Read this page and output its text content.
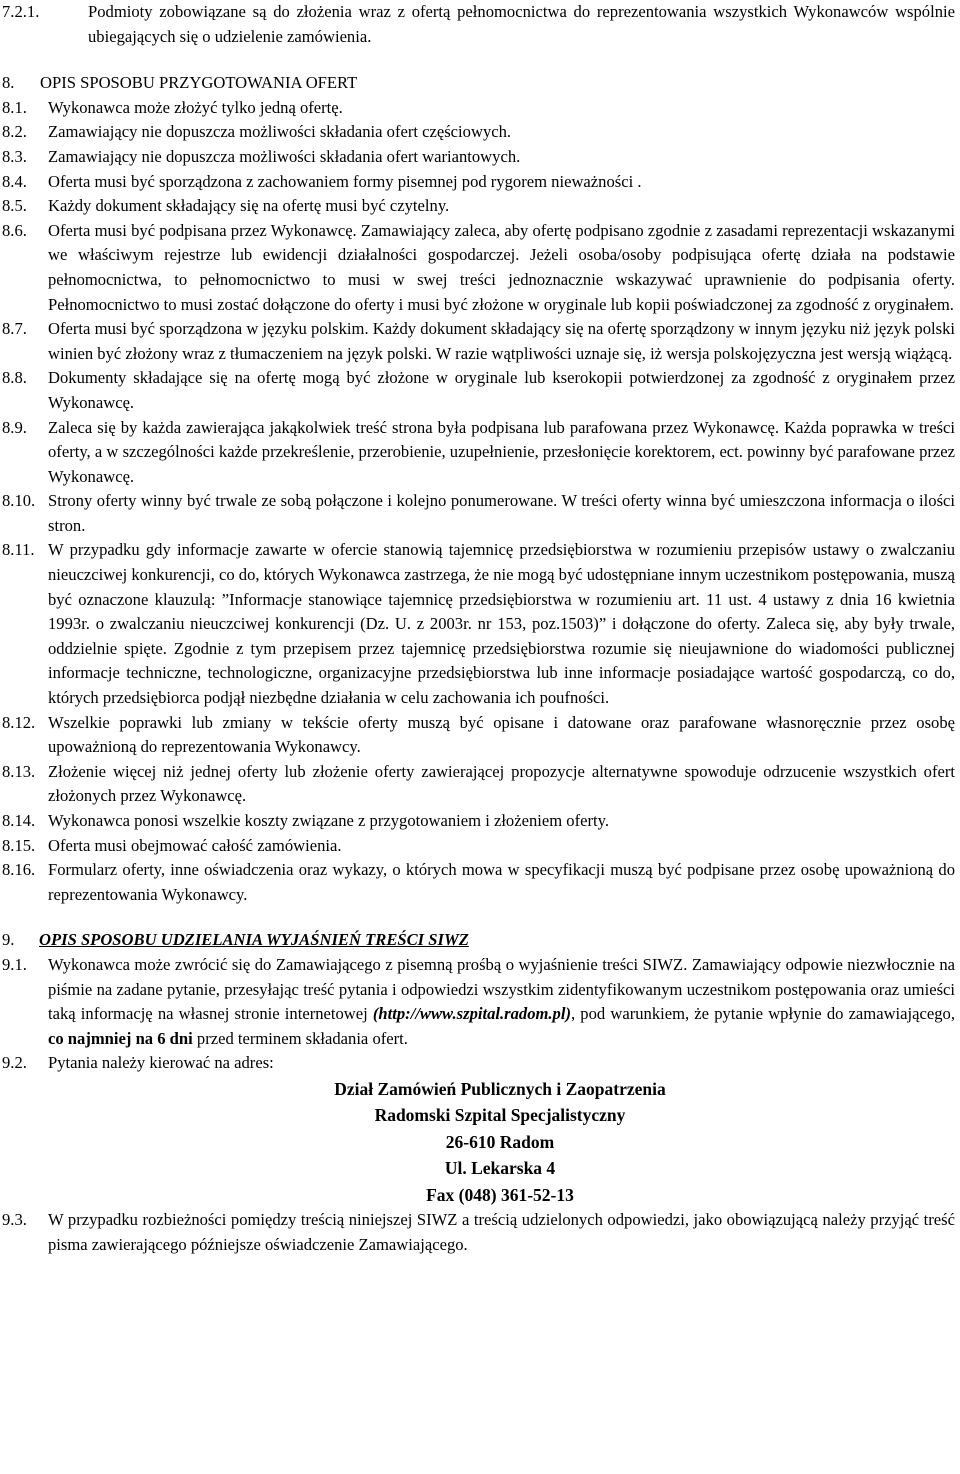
7.2.1.	Podmioty zobowiązane są do złożenia wraz z ofertą pełnomocnictwa do reprezentowania wszystkich Wykonawców wspólnie ubiegających się o udzielenie zamówienia.
8.	OPIS SPOSOBU PRZYGOTOWANIA OFERT
8.1.	Wykonawca może złożyć tylko jedną ofertę.
8.2.	Zamawiający nie dopuszcza możliwości składania ofert częściowych.
8.3.	Zamawiający nie dopuszcza możliwości składania ofert wariantowych.
8.4.	Oferta musi być sporządzona z zachowaniem formy pisemnej pod rygorem nieważności .
8.5.	Każdy dokument składający się na ofertę musi być czytelny.
8.6.	Oferta musi być podpisana przez Wykonawcę. Zamawiający zaleca, aby ofertę podpisano zgodnie z zasadami reprezentacji wskazanymi we właściwym rejestrze lub ewidencji działalności gospodarczej. Jeżeli osoba/osoby podpisująca ofertę działa na podstawie pełnomocnictwa, to pełnomocnictwo to musi w swej treści jednoznacznie wskazywać uprawnienie do podpisania oferty. Pełnomocnictwo to musi zostać dołączone do oferty i musi być złożone w oryginale lub kopii poświadczonej za zgodność z oryginałem.
8.7.	Oferta musi być sporządzona w języku polskim. Każdy dokument składający się na ofertę sporządzony w innym języku niż język polski winien być złożony wraz z tłumaczeniem na język polski. W razie wątpliwości uznaje się, iż wersja polskojęzyczna jest wersją wiążącą.
8.8.	Dokumenty składające się na ofertę mogą być złożone w oryginale lub kserokopii potwierdzonej za zgodność z oryginałem przez Wykonawcę.
8.9.	Zaleca się by każda zawierająca jakąkolwiek treść strona była podpisana lub parafowana przez Wykonawcę. Każda poprawka w treści oferty, a w szczególności każde przekreślenie, przerobienie, uzupełnienie, przesłonięcie korektorem, ect. powinny być parafowane przez Wykonawcę.
8.10. Strony oferty winny być trwale ze sobą połączone i kolejno ponumerowane. W treści oferty winna być umieszczona informacja o ilości stron.
8.11. W przypadku gdy informacje zawarte w ofercie stanowią tajemnicę przedsiębiorstwa w rozumieniu przepisów ustawy o zwalczaniu nieuczciwej konkurencji, co do, których Wykonawca zastrzega, że nie mogą być udostępniane innym uczestnikom postępowania, muszą być oznaczone klauzulą: ”Informacje stanowiące tajemnicę przedsiębiorstwa w rozumieniu art. 11 ust. 4 ustawy z dnia 16 kwietnia 1993r. o zwalczaniu nieuczciwej konkurencji (Dz. U. z 2003r. nr 153, poz.1503)” i dołączone do oferty. Zaleca się, aby były trwale, oddzielnie spięte. Zgodnie z tym przepisem przez tajemnicę przedsiębiorstwa rozumie się nieujawnione do wiadomości publicznej informacje techniczne, technologiczne, organizacyjne przedsiębiorstwa lub inne informacje posiadające wartość gospodarczą, co do, których przedsiębiorca podjął niezbędne działania w celu zachowania ich poufności.
8.12. Wszelkie poprawki lub zmiany w tekście oferty muszą być opisane i datowane oraz parafowane własnoręcznie przez osobę upoważnioną do reprezentowania Wykonawcy.
8.13. Złożenie więcej niż jednej oferty lub złożenie oferty zawierającej propozycje alternatywne spowoduje odrzucenie wszystkich ofert złożonych przez Wykonawcę.
8.14. Wykonawca ponosi wszelkie koszty związane z przygotowaniem i złożeniem oferty.
8.15. Oferta musi obejmować całość zamówienia.
8.16. Formularz oferty, inne oświadczenia oraz wykazy, o których mowa w specyfikacji muszą być podpisane przez osobę upoważnioną do reprezentowania Wykonawcy.
9.	OPIS SPOSOBU UDZIELANIA WYJAŚNIEŃ TREŚCI SIWZ
9.1.	Wykonawca może zwrócić się do Zamawiającego z pisemną prośbą o wyjaśnienie treści SIWZ. Zamawiający odpowie niezwłocznie na piśmie na zadane pytanie, przesyłając treść pytania i odpowiedzi wszystkim zidentyfikowanym uczestnikom postępowania oraz umieści taką informację na własnej stronie internetowej (http://www.szpital.radom.pl), pod warunkiem, że pytanie wpłynie do zamawiającego, co najmniej na 6 dni przed terminem składania ofert.
9.2.	Pytania należy kierować na adres:
Dział Zamówień Publicznych i Zaopatrzenia
Radomski Szpital Specjalistyczny
26-610 Radom
Ul. Lekarska 4
Fax (048) 361-52-13
9.3.	W przypadku rozbieżności pomiędzy treścią niniejszej SIWZ a treścią udzielonych odpowiedzi, jako obowiązującą należy przyjąć treść pisma zawierającego późniejsze oświadczenie Zamawiającego.
